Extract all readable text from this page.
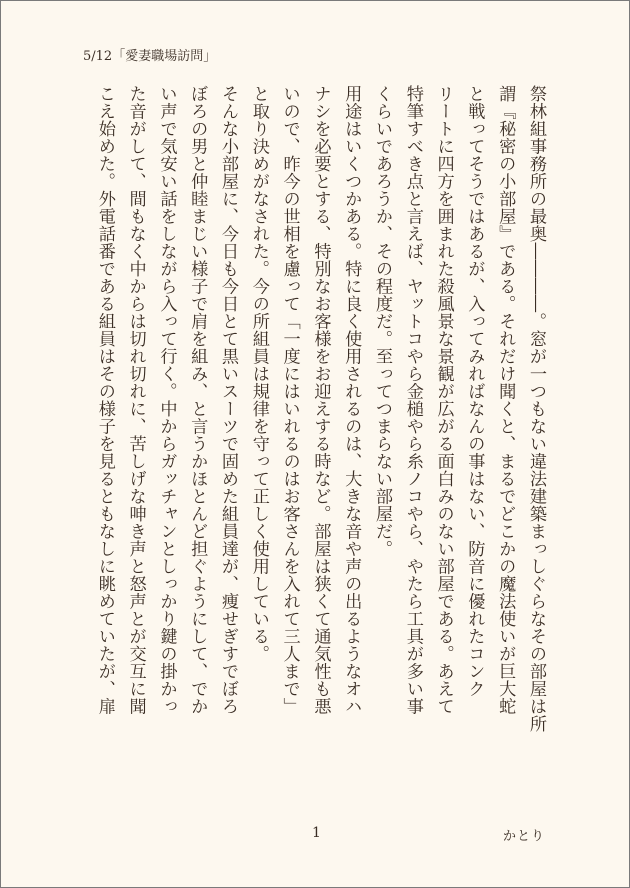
5/12「愛妻職場訪問」
祭林組事務所の最奥――――。窓が一つもない違法建築まっしぐらなその部屋は所
謂『秘密の小部屋』である。それだけ聞くと、まるでどこかの魔法使いが巨大蛇
と戦ってそうではあるが、入ってみればなんの事はない、防音に優れたコンク
リートに四方を囲まれた殺風景な景観が広がる面白みのない部屋である。あえて
特筆すべき点と言えば、ヤットコやら金槌やら糸ノコやら、やたら工具が多い事
くらいであろうか、その程度だ。至ってつまらない部屋だ。
用途はいくつかある。特に良く使用されるのは、大きな音や声の出るようなオハ
ナシを必要とする、特別なお客様をお迎えする時など。部屋は狭くて通気性も悪
いので、昨今の世相を慮って「一度にはいれるのはお客さんを入れて三人まで」
と取り決めがなされた。今の所組員は規律を守って正しく使用している。
そんな小部屋に、今日も今日とて黒いスーツで固めた組員達が、痩せぎすでぼろ
ぼろの男と仲睦まじい様子で肩を組み、と言うかほとんど担ぐようにして、でか
い声で気安い話をしながら入って行く。中からガッチャンとしっかり鍵の掛かっ
た音がして、間もなく中からは切れ切れに、苦しげな呻き声と怒声とが交互に聞
こえ始めた。外電話番である組員はその様子を見るともなしに眺めていたが、扉
1	かとり
